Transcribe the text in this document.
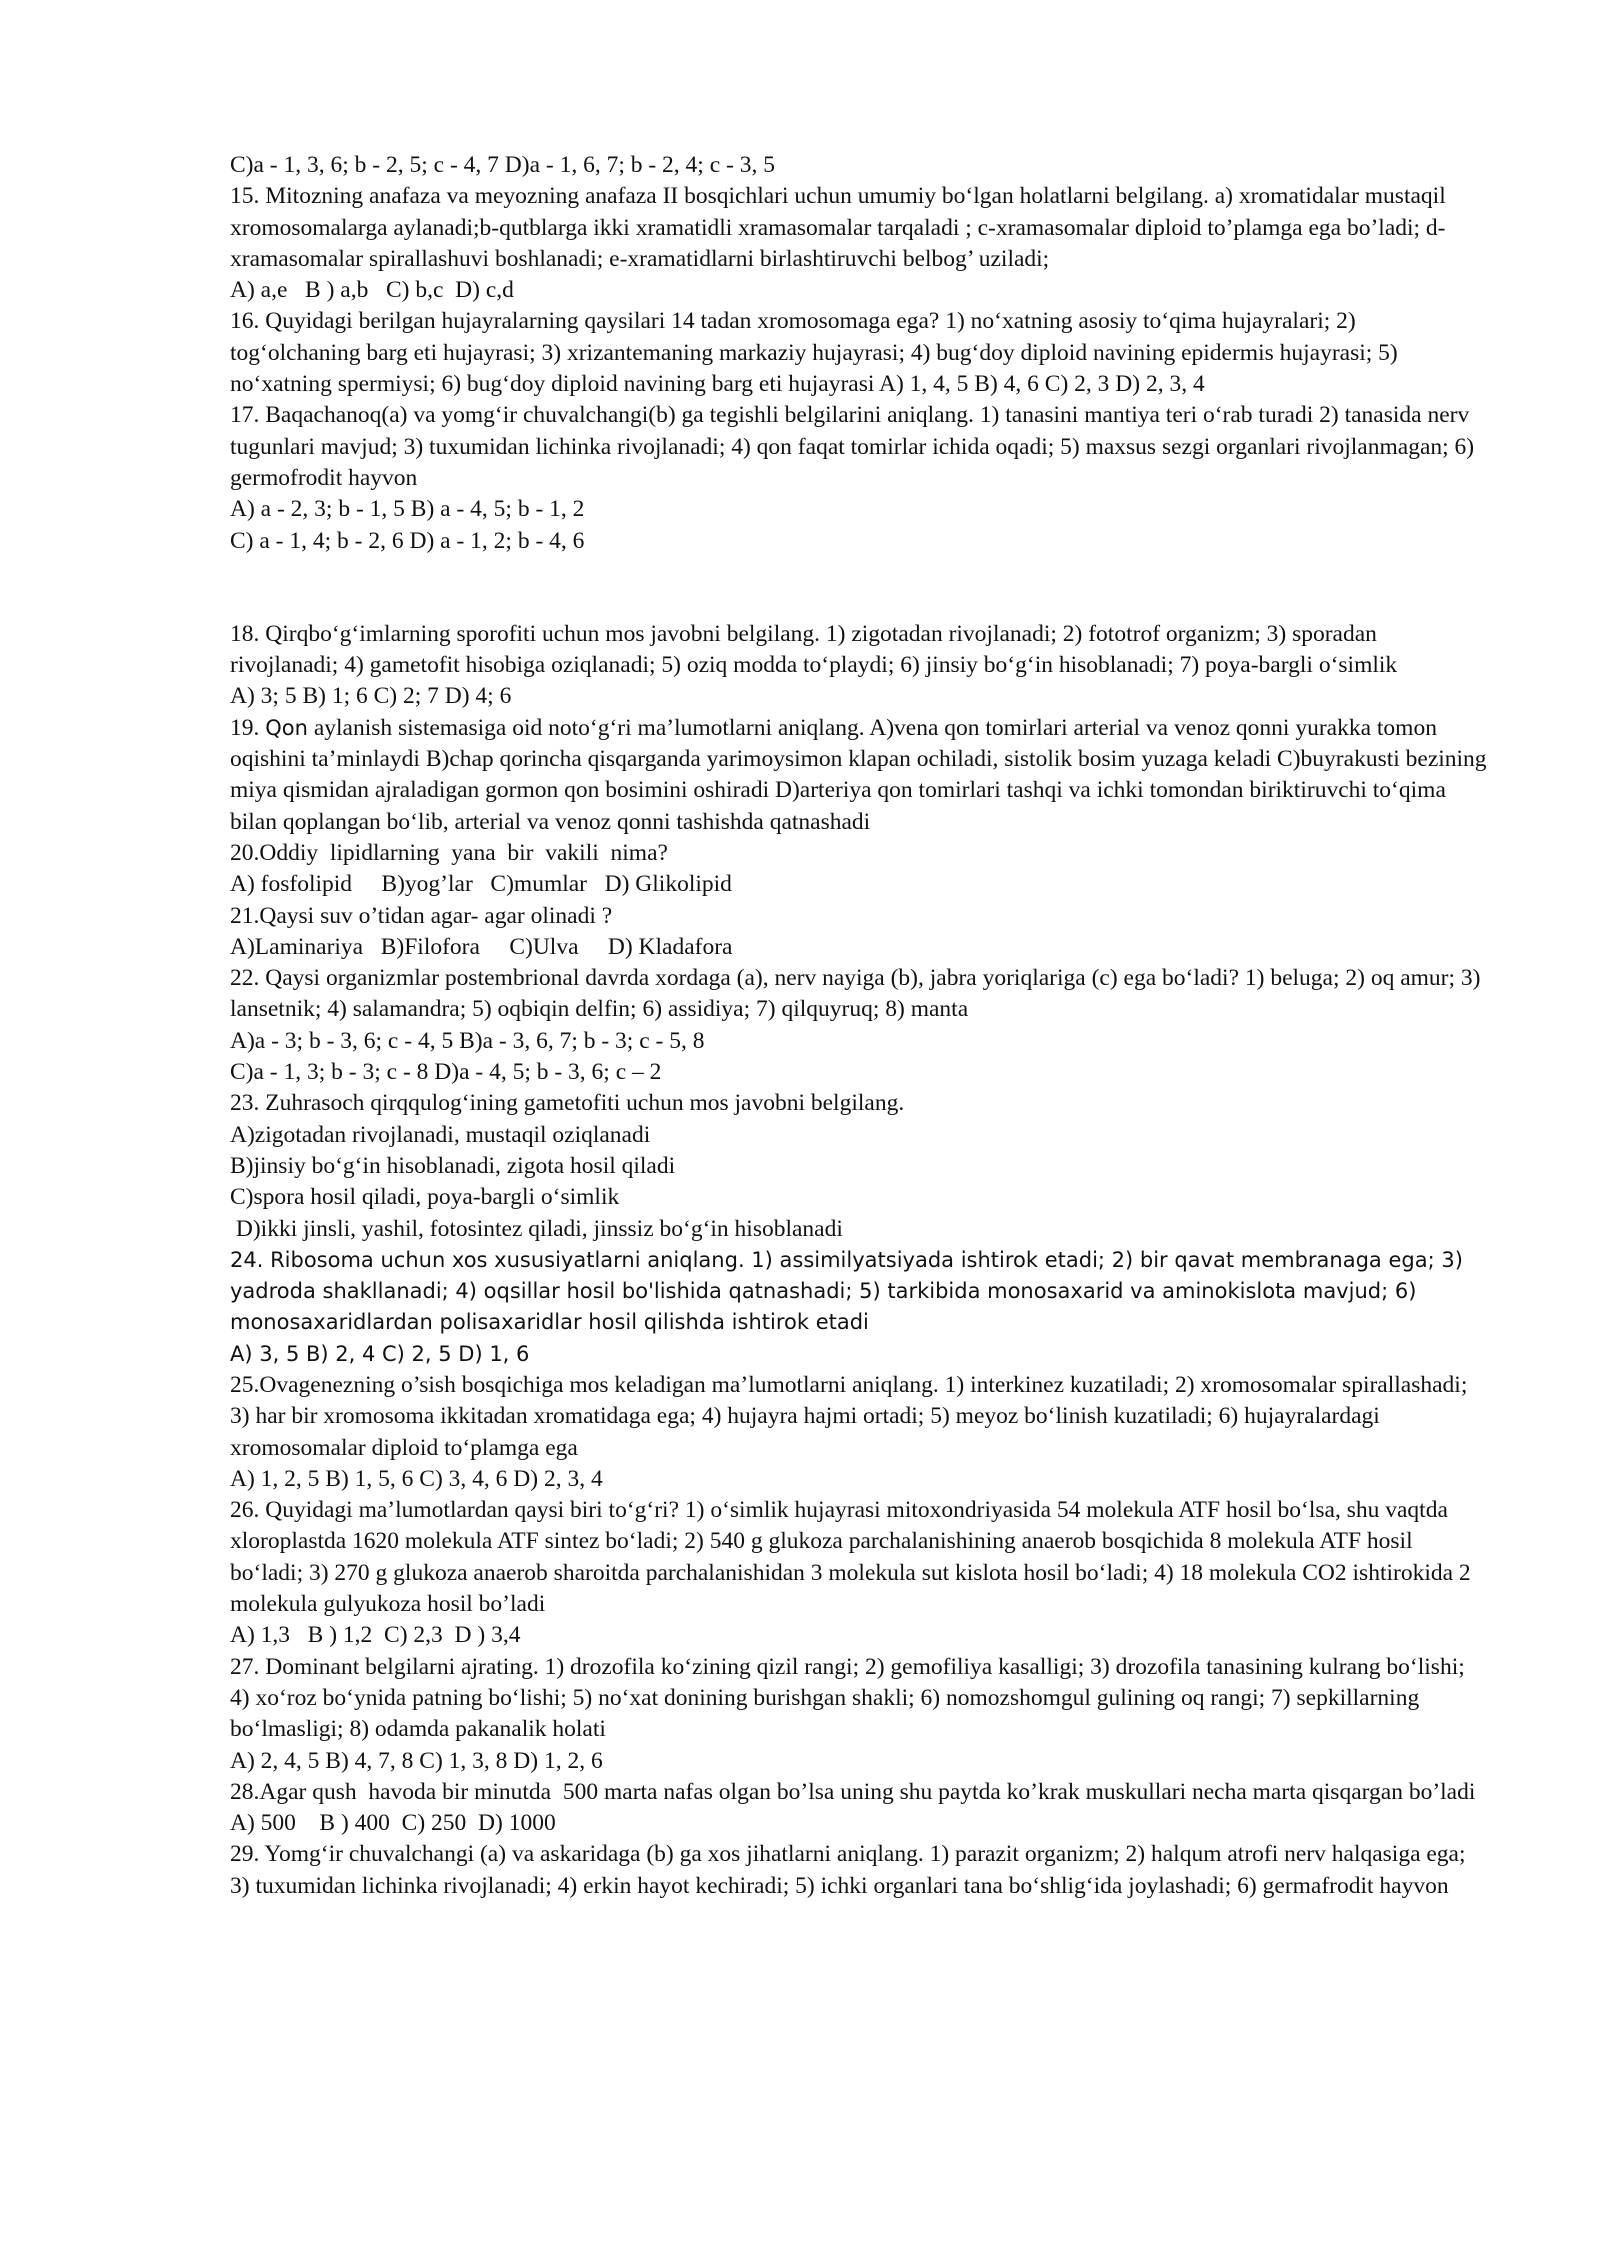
C)a - 1, 3, 6; b - 2, 5; c - 4, 7 D)a - 1, 6, 7; b - 2, 4; c - 3, 5

15. Mitozning anafaza va meyozning anafaza II bosqichlari uchun umumiy bo‘lgan holatlarni belgilang. a) xromatidalar mustaqil xromosomalarga aylanadi;b-qutblarga ikki xramatidli xramasomalar tarqaladi ; c-xramasomalar diploid to’plamga ega bo’ladi; d-xramasomalar spirallashuvi boshlanadi; e-xramatidlarni birlashtiruvchi belbog’ uziladi;

A) a,e   B ) a,b   C) b,c  D) c,d

16. Quyidagi berilgan hujayralarning qaysilari 14 tadan xromosomaga ega? 1) no‘xatning asosiy to‘qima hujayralari; 2) tog‘olchaning barg eti hujayrasi; 3) xrizantemaning markaziy hujayrasi; 4) bug‘doy diploid navining epidermis hujayrasi; 5) no‘xatning spermiysi; 6) bug‘doy diploid navining barg eti hujayrasi A) 1, 4, 5 B) 4, 6 C) 2, 3 D) 2, 3, 4

17. Baqachanoq(a) va yomg‘ir chuvalchangi(b) ga tegishli belgilarini aniqlang. 1) tanasini mantiya teri o‘rab turadi 2) tanasida nerv tugunlari mavjud; 3) tuxumidan lichinka rivojlanadi; 4) qon faqat tomirlar ichida oqadi; 5) maxsus sezgi organlari rivojlanmagan; 6) germofrodit hayvon

A) a - 2, 3; b - 1, 5 B) a - 4, 5; b - 1, 2

C) a - 1, 4; b - 2, 6 D) a - 1, 2; b - 4, 6

18. Qirqbo‘g‘imlarning sporofiti uchun mos javobni belgilang. 1) zigotadan rivojlanadi; 2) fototrof organizm; 3) sporadan rivojlanadi; 4) gametofit hisobiga oziqlanadi; 5) oziq modda to‘playdi; 6) jinsiy bo‘g‘in hisoblanadi; 7) poya-bargli o‘simlik

A) 3; 5 B) 1; 6 C) 2; 7 D) 4; 6

19. Qon aylanish sistemasiga oid noto‘g‘ri ma’lumotlarni aniqlang. A)vena qon tomirlari arterial va venoz qonni yurakka tomon oqishini ta’minlaydi B)chap qorincha qisqarganda yarimoysimon klapan ochiladi, sistolik bosim yuzaga keladi C)buyrakusti bezining miya qismidan ajraladigan gormon qon bosimini oshiradi D)arteriya qon tomirlari tashqi va ichki tomondan biriktiruvchi to‘qima bilan qoplangan bo‘lib, arterial va venoz qonni tashishda qatnashadi

20.Oddiy  lipidlarning  yana  bir  vakili  nima?

A) fosfolipid     B)yog’lar   C)mumlar   D) Glikolipid

21.Qaysi suv o’tidan agar- agar olinadi ?

A)Laminariya   B)Filofora     C)Ulva     D) Kladafora

22. Qaysi organizmlar postembrional davrda xordaga (a), nerv nayiga (b), jabra yoriqlariga (c) ega bo‘ladi? 1) beluga; 2) oq amur; 3) lansetnik; 4) salamandra; 5) oqbiqin delfin; 6) assidiya; 7) qilquyruq; 8) manta

A)a - 3; b - 3, 6; c - 4, 5 B)a - 3, 6, 7; b - 3; c - 5, 8

C)a - 1, 3; b - 3; c - 8 D)a - 4, 5; b - 3, 6; c – 2

23. Zuhrasoch qirqqulog‘ining gametofiti uchun mos javobni belgilang.

A)zigotadan rivojlanadi, mustaqil oziqlanadi

B)jinsiy bo‘g‘in hisoblanadi, zigota hosil qiladi

C)spora hosil qiladi, poya-bargli o‘simlik

D)ikki jinsli, yashil, fotosintez qiladi, jinssiz bo‘g‘in hisoblanadi

24. Ribosoma uchun xos xususiyatlarni aniqlang. 1) assimilyatsiyada ishtirok etadi; 2) bir qavat membranaga ega; 3) yadroda shakllanadi; 4) oqsillar hosil bo'lishida qatnashadi; 5) tarkibida monosaxarid va aminokislota mavjud; 6) monosaxaridlardan polisaxaridlar hosil qilishda ishtirok etadi

A) 3, 5 B) 2, 4 C) 2, 5 D) 1, 6

25.Ovagenezning o’sish bosqichiga mos keladigan ma’lumotlarni aniqlang. 1) interkinez kuzatiladi; 2) xromosomalar spirallashadi; 3) har bir xromosoma ikkitadan xromatidaga ega; 4) hujayra hajmi ortadi; 5) meyoz bo‘linish kuzatiladi; 6) hujayralardagi xromosomalar diploid to‘plamga ega

A) 1, 2, 5 B) 1, 5, 6 C) 3, 4, 6 D) 2, 3, 4

26. Quyidagi ma’lumotlardan qaysi biri to‘g‘ri? 1) o‘simlik hujayrasi mitoxondriyasida 54 molekula ATF hosil bo‘lsa, shu vaqtda xloroplastda 1620 molekula ATF sintez bo‘ladi; 2) 540 g glukoza parchalanishining anaerob bosqichida 8 molekula ATF hosil bo‘ladi; 3) 270 g glukoza anaerob sharoitda parchalanishidan 3 molekula sut kislota hosil bo‘ladi; 4) 18 molekula CO2 ishtirokida 2 molekula gulyukoza hosil bo’ladi

A) 1,3   B ) 1,2  C) 2,3  D ) 3,4

27. Dominant belgilarni ajrating. 1) drozofila ko‘zining qizil rangi; 2) gemofiliya kasalligi; 3) drozofila tanasining kulrang bo‘lishi; 4) xo‘roz bo‘ynida patning bo‘lishi; 5) no‘xat donining burishgan shakli; 6) nomozshomgul gulining oq rangi; 7) sepkillarning bo‘lmasligi; 8) odamda pakanalik holati

A) 2, 4, 5 B) 4, 7, 8 C) 1, 3, 8 D) 1, 2, 6

28.Agar qush  havoda bir minutda  500 marta nafas olgan bo’lsa uning shu paytda ko’krak muskullari necha marta qisqargan bo’ladi

A) 500    B ) 400  C) 250  D) 1000

29. Yomg‘ir chuvalchangi (a) va askaridaga (b) ga xos jihatlarni aniqlang. 1) parazit organizm; 2) halqum atrofi nerv halqasiga ega; 3) tuxumidan lichinka rivojlanadi; 4) erkin hayot kechiradi; 5) ichki organlari tana bo‘shlig‘ida joylashadi; 6) germafrodit hayvon
